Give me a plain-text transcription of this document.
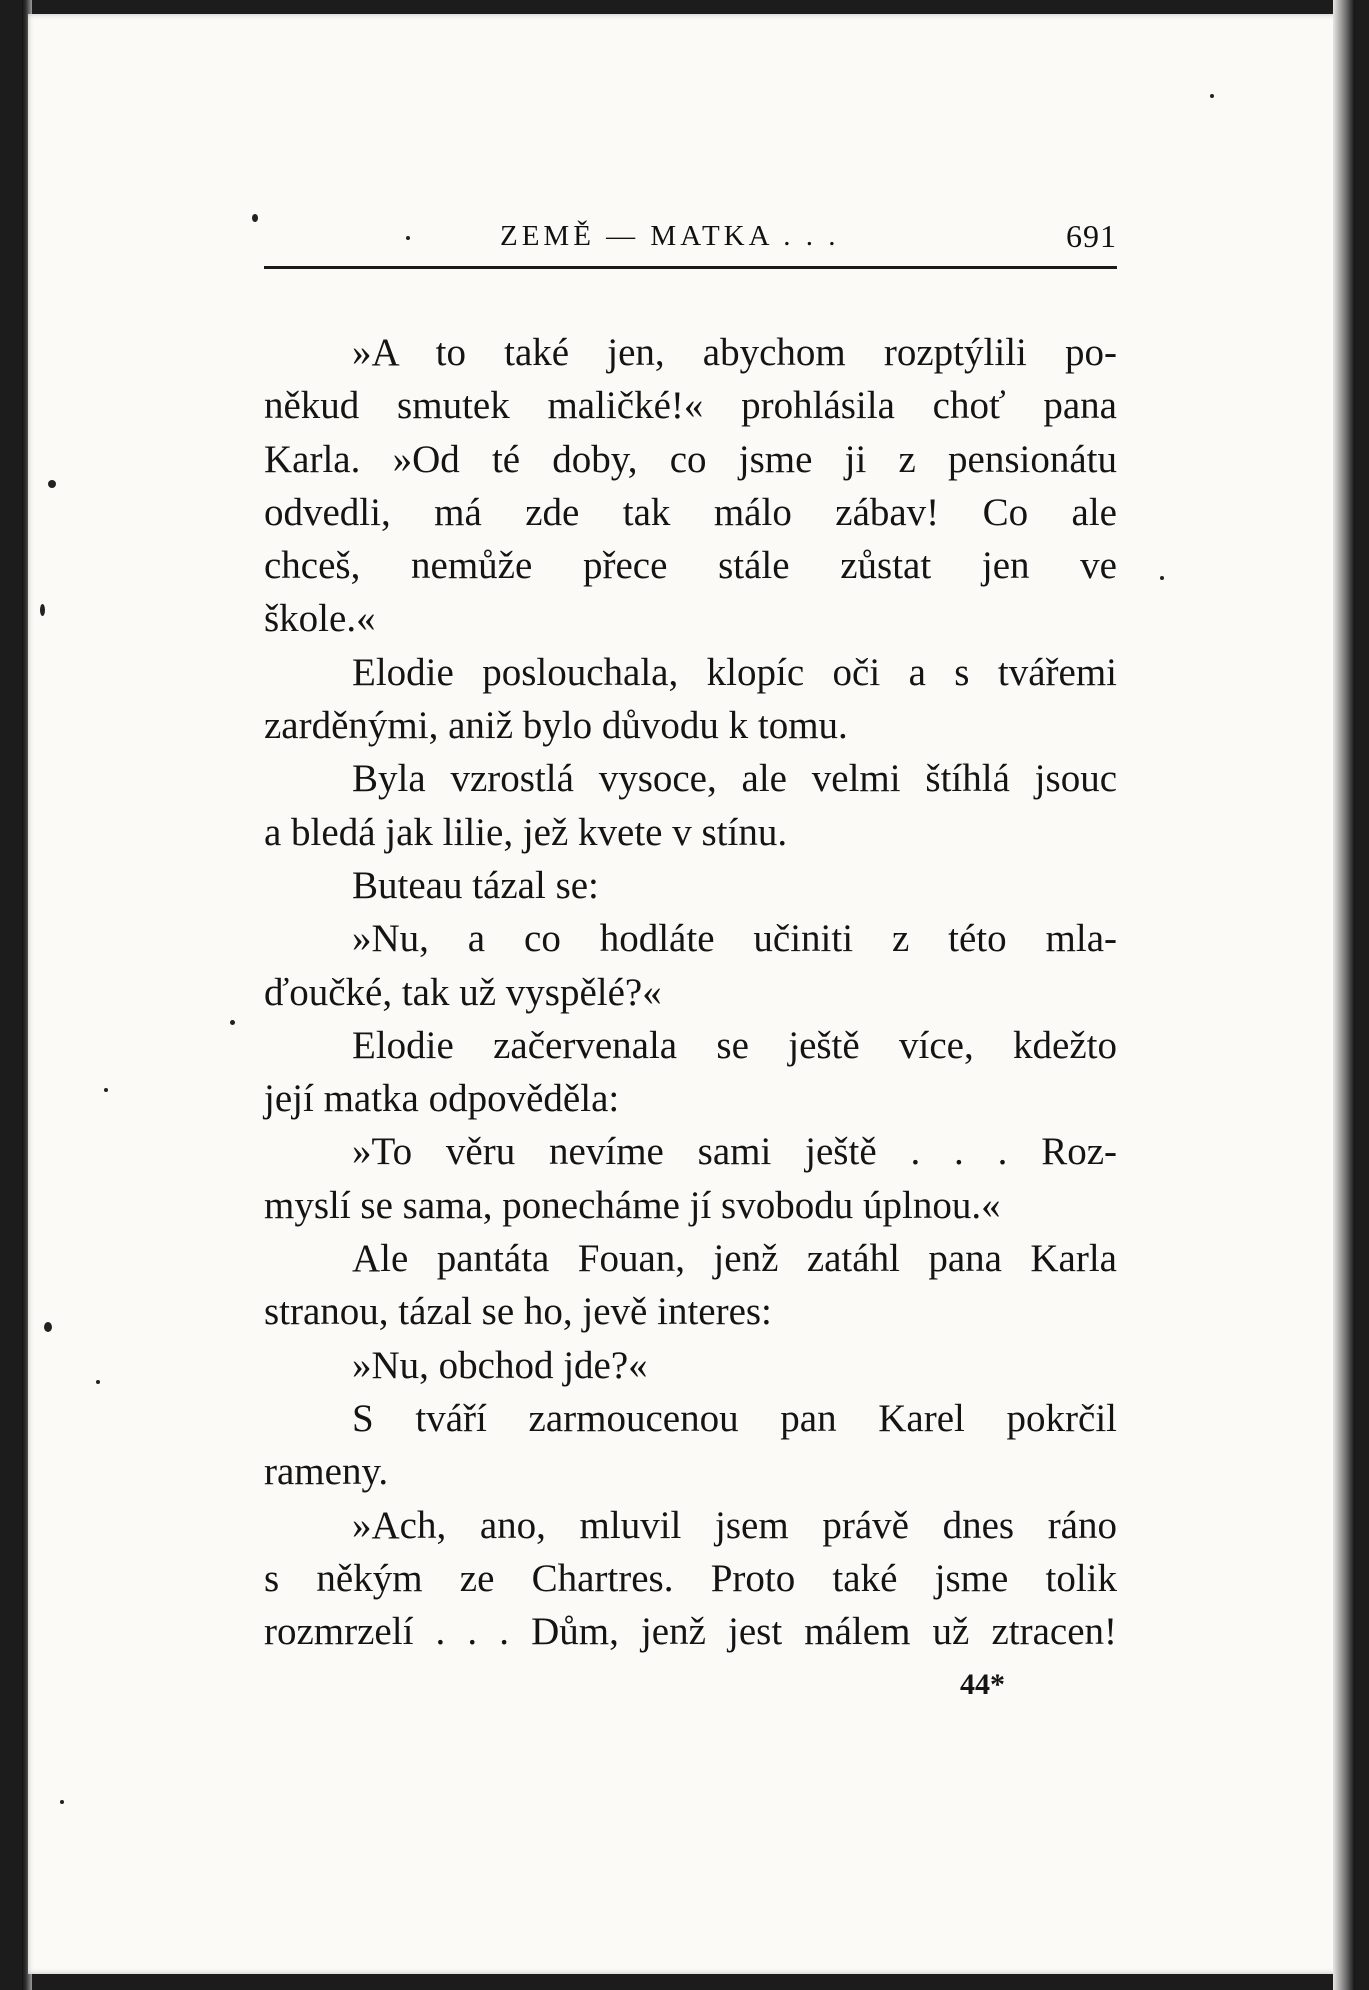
ZEMĚ — MATKA . . .	691
»A to také jen, abychom rozptýlili po-
někud smutek maličké!« prohlásila choť pana
Karla. »Od té doby, co jsme ji z pensionátu
odvedli, má zde tak málo zábav! Co ale
chceš, nemůže přece stále zůstat jen ve
škole.«
Elodie poslouchala, klopíc oči a s tvářemi
zarděnými, aniž bylo důvodu k tomu.
Byla vzrostlá vysoce, ale velmi štíhlá jsouc
a bledá jak lilie, jež kvete v stínu.
Buteau tázal se:
»Nu, a co hodláte učiniti z této mla-
ďoučké, tak už vyspělé?«
Elodie začervenala se ještě více, kdežto
její matka odpověděla:
»To věru nevíme sami ještě . . . Roz-
myslí se sama, ponecháme jí svobodu úplnou.«
Ale pantáta Fouan, jenž zatáhl pana Karla
stranou, tázal se ho, jevě interes:
»Nu, obchod jde?«
S tváří zarmoucenou pan Karel pokrčil
rameny.
»Ach, ano, mluvil jsem právě dnes ráno
s někým ze Chartres. Proto také jsme tolik
rozmrzelí . . . Dům, jenž jest málem už ztracen!
44*
